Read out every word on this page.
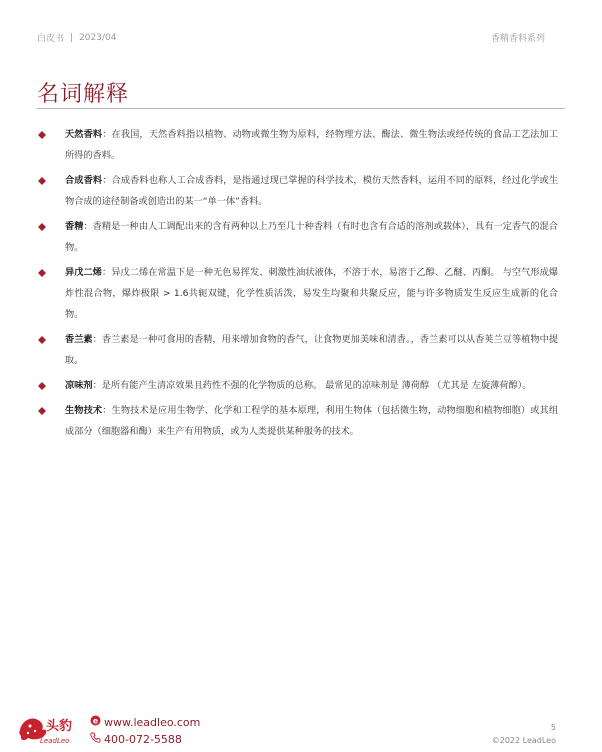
白皮书 | 2023/04	香精香料系列
名词解释
天然香料：在我国，天然香料指以植物、动物或微生物为原料，经物理方法、酶法、微生物法或经传统的食品工艺法加工所得的香料。
合成香料：合成香料也称人工合成香料，是指通过现已掌握的科学技术，模仿天然香料，运用不同的原料，经过化学或生物合成的途径制备或创造出的某一“单一体”香料。
香精：香精是一种由人工调配出来的含有两种以上乃至几十种香料（有时也含有合适的溶剂或载体），具有一定香气的混合物。
异戊二烯：异戊二烯在常温下是一种无色易挥发、刺激性油状液体，不溶于水，易溶于乙醇、乙醚、丙酮。 与空气形成爆炸性混合物，爆炸极限 > 1.6共轭双键，化学性质活泼，易发生均聚和共聚反应，能与许多物质发生反应生成新的化合物。
香兰素：香兰素是一种可食用的香精，用来增加食物的香气，让食物更加美味和清香。，香兰素可以从香荚兰豆等植物中提取。
凉味剂：是所有能产生清凉效果且药性不强的化学物质的总称。 最常见的凉味剂是 薄荷醇 （尤其是 左旋薄荷醇）。
生物技术：生物技术是应用生物学、化学和工程学的基本原理，利用生物体（包括微生物，动物细胞和植物细胞）或其组成部分（细胞器和酶）来生产有用物质，或为人类提供某种服务的技术。
头豹
LeadLeo
e www.leadleo.com
400-072-5588
5
©2022 LeadLeo
